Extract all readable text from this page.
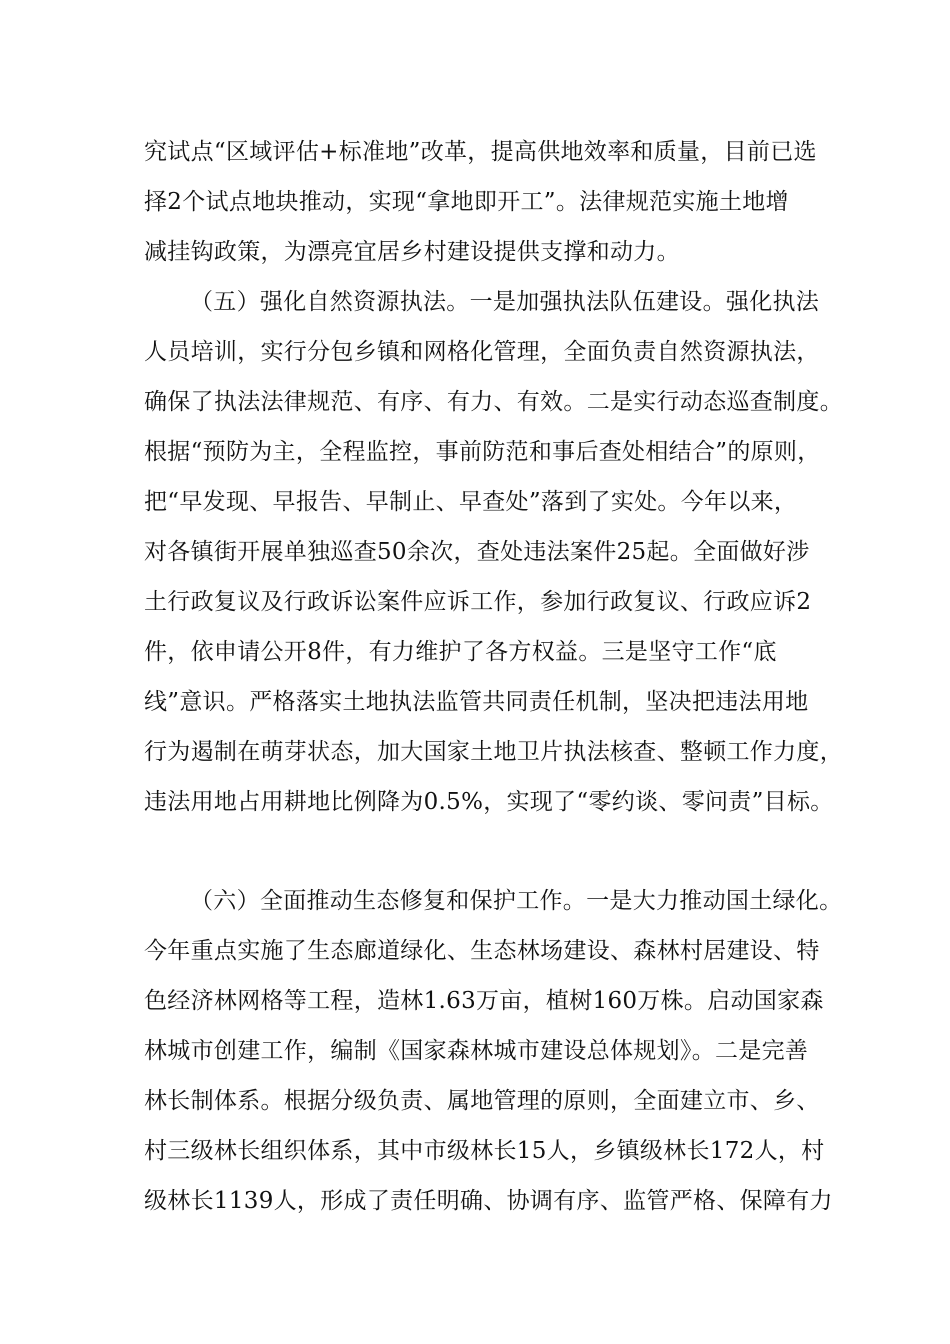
究试点“区域评估+标准地”改革，提高供地效率和质量，目前已选
择2个试点地块推动，实现“拿地即开工”。法律规范实施土地增
减挂钩政策，为漂亮宜居乡村建设提供支撑和动力。
（五）强化自然资源执法。一是加强执法队伍建设。强化执法
人员培训，实行分包乡镇和网格化管理，全面负责自然资源执法，
确保了执法法律规范、有序、有力、有效。二是实行动态巡查制度。
根据“预防为主，全程监控，事前防范和事后查处相结合”的原则，
把“早发现、早报告、早制止、早查处”落到了实处。今年以来，
对各镇街开展单独巡查50余次，查处违法案件25起。全面做好涉
土行政复议及行政诉讼案件应诉工作，参加行政复议、行政应诉2
件，依申请公开8件，有力维护了各方权益。三是坚守工作“底
线”意识。严格落实土地执法监管共同责任机制，坚决把违法用地
行为遏制在萌芽状态，加大国家土地卫片执法核查、整顿工作力度，
违法用地占用耕地比例降为0.5%，实现了“零约谈、零问责”目标。
（六）全面推动生态修复和保护工作。一是大力推动国土绿化。
今年重点实施了生态廊道绿化、生态林场建设、森林村居建设、特
色经济林网格等工程，造林1.63万亩，植树160万株。启动国家森
林城市创建工作，编制《国家森林城市建设总体规划》。二是完善
林长制体系。根据分级负责、属地管理的原则，全面建立市、乡、
村三级林长组织体系，其中市级林长15人，乡镇级林长172人，村
级林长1139人，形成了责任明确、协调有序、监管严格、保障有力
